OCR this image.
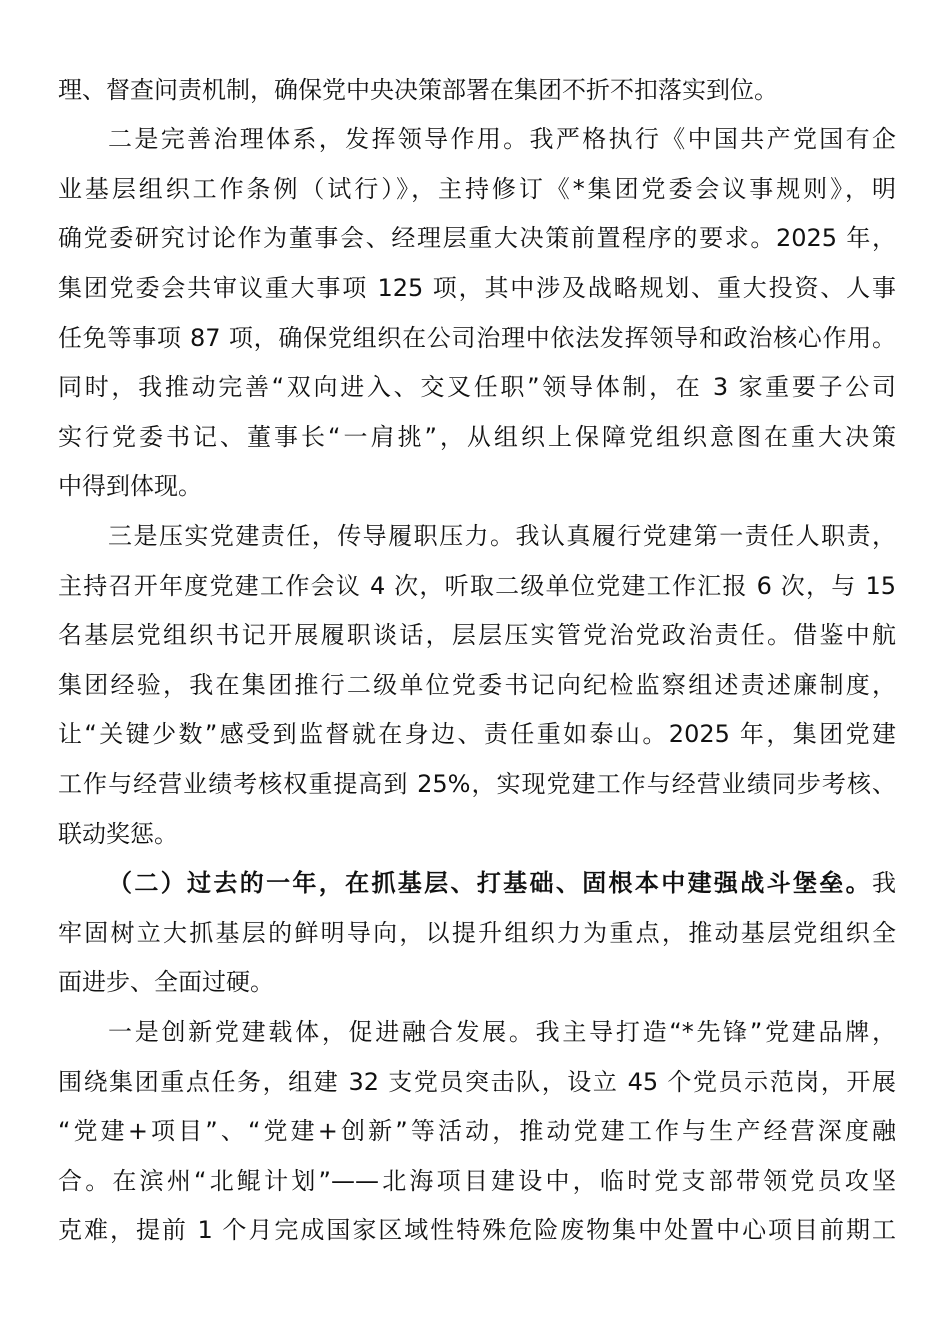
理、督查问责机制，确保党中央决策部署在集团不折不扣落实到位。
二是完善治理体系，发挥领导作用。我严格执行《中国共产党国有企
业基层组织工作条例（试行）》，主持修订《*集团党委会议事规则》，明
确党委研究讨论作为董事会、经理层重大决策前置程序的要求。2025 年，
集团党委会共审议重大事项 125 项，其中涉及战略规划、重大投资、人事
任免等事项 87 项，确保党组织在公司治理中依法发挥领导和政治核心作用。
同时，我推动完善“双向进入、交叉任职”领导体制，在 3 家重要子公司
实行党委书记、董事长“一肩挑”，从组织上保障党组织意图在重大决策
中得到体现。
三是压实党建责任，传导履职压力。我认真履行党建第一责任人职责，
主持召开年度党建工作会议 4 次，听取二级单位党建工作汇报 6 次，与 15
名基层党组织书记开展履职谈话，层层压实管党治党政治责任。借鉴中航
集团经验，我在集团推行二级单位党委书记向纪检监察组述责述廉制度，
让“关键少数”感受到监督就在身边、责任重如泰山。2025 年，集团党建
工作与经营业绩考核权重提高到 25%，实现党建工作与经营业绩同步考核、
联动奖惩。
（二）过去的一年，在抓基层、打基础、固根本中建强战斗堡垒。我
牢固树立大抓基层的鲜明导向，以提升组织力为重点，推动基层党组织全
面进步、全面过硬。
一是创新党建载体，促进融合发展。我主导打造“*先锋”党建品牌，
围绕集团重点任务，组建 32 支党员突击队，设立 45 个党员示范岗，开展
“党建+项目”、“党建+创新”等活动，推动党建工作与生产经营深度融
合。在滨州“北鲲计划”——北海项目建设中，临时党支部带领党员攻坚
克难，提前 1 个月完成国家区域性特殊危险废物集中处置中心项目前期工
